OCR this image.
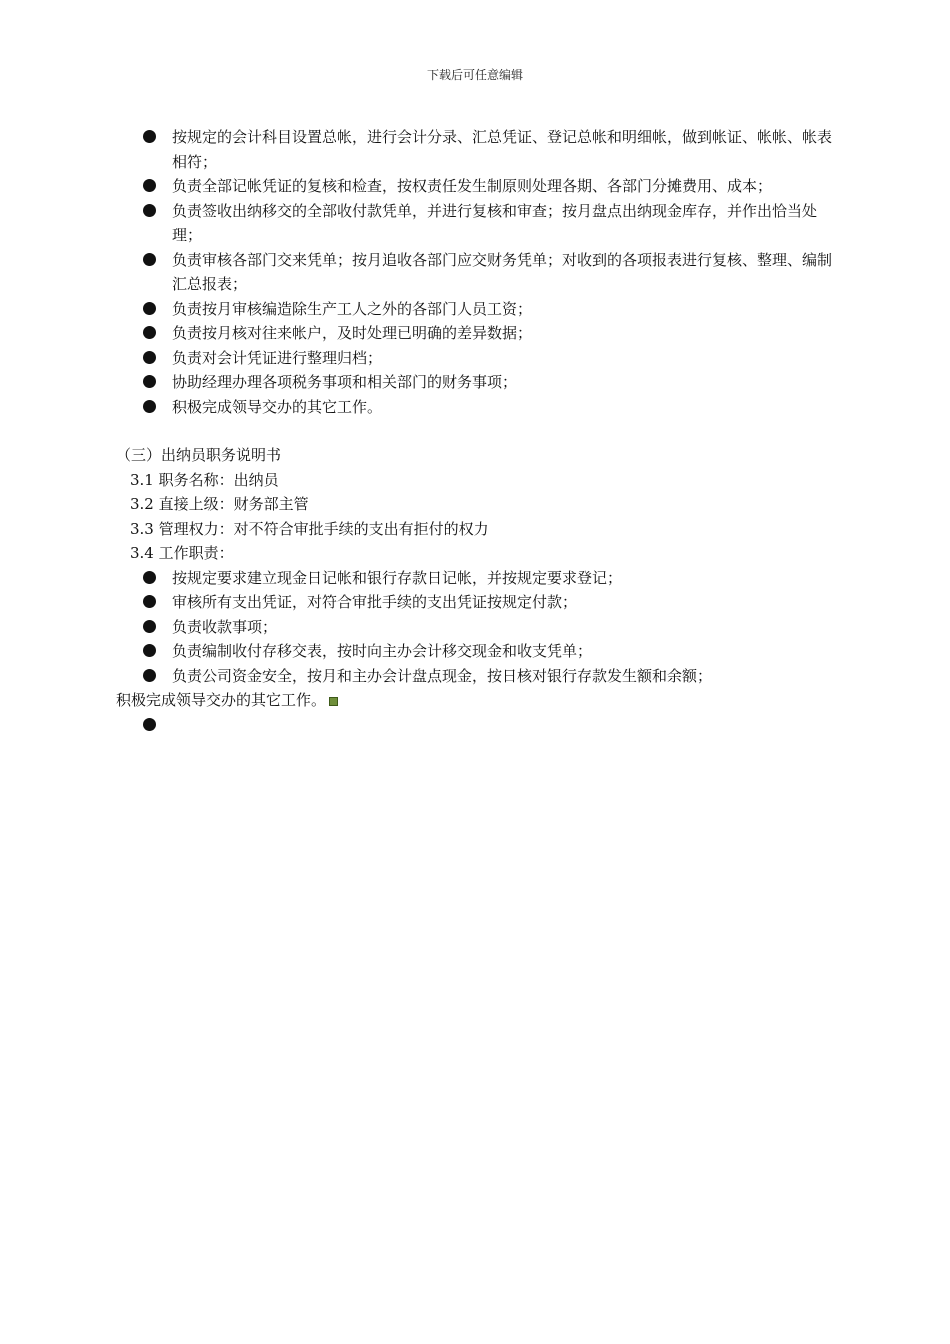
下载后可任意编辑
按规定的会计科目设置总帐，进行会计分录、汇总凭证、登记总帐和明细帐，做到帐证、帐帐、帐表相符；
负责全部记帐凭证的复核和检查，按权责任发生制原则处理各期、各部门分摊费用、成本；
负责签收出纳移交的全部收付款凭单，并进行复核和审查；按月盘点出纳现金库存，并作出恰当处理；
负责审核各部门交来凭单；按月追收各部门应交财务凭单；对收到的各项报表进行复核、整理、编制汇总报表；
负责按月审核编造除生产工人之外的各部门人员工资；
负责按月核对往来帐户，及时处理已明确的差异数据；
负责对会计凭证进行整理归档；
协助经理办理各项税务事项和相关部门的财务事项；
积极完成领导交办的其它工作。
（三）出纳员职务说明书
3.1 职务名称：出纳员
3.2 直接上级：财务部主管
3.3 管理权力：对不符合审批手续的支出有拒付的权力
3.4 工作职责：
按规定要求建立现金日记帐和银行存款日记帐，并按规定要求登记；
审核所有支出凭证，对符合审批手续的支出凭证按规定付款；
负责收款事项；
负责编制收付存移交表，按时向主办会计移交现金和收支凭单；
负责公司资金安全，按月和主办会计盘点现金，按日核对银行存款发生额和余额；
积极完成领导交办的其它工作。
